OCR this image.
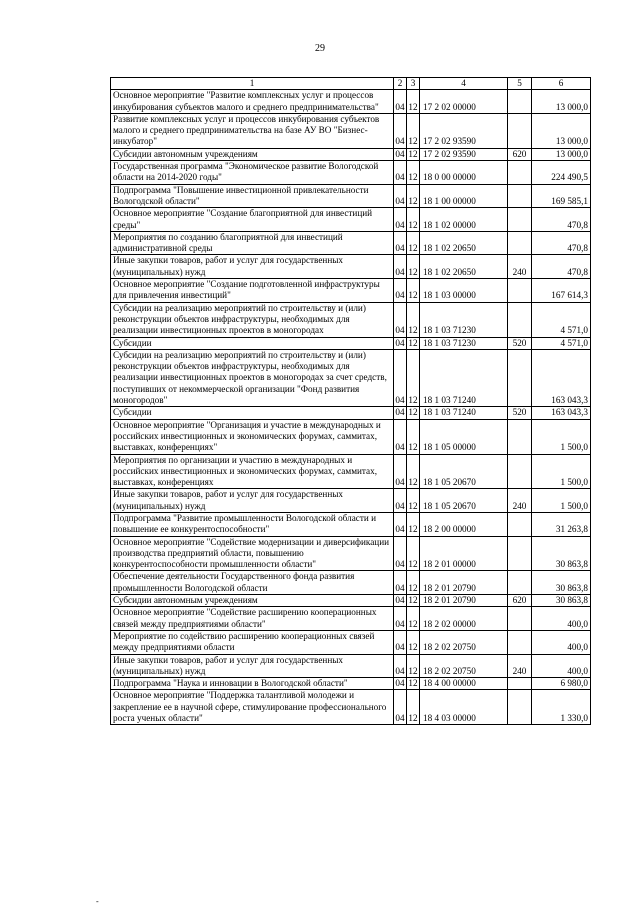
29
1	2	3	4	5	6
Основное мероприятие "Развитие комплексных услуг и процессов инкубирования субъектов малого и среднего предпринимательства"	04	12	17 2 02 00000		13 000,0
Развитие комплексных услуг и процессов инкубирования субъектов малого и среднего предпринимательства на базе АУ ВО "Бизнес-инкубатор"	04	12	17 2 02 93590		13 000,0
Субсидии автономным учреждениям	04	12	17 2 02 93590	620	13 000,0
Государственная программа "Экономическое развитие Вологодской области на 2014-2020 годы"	04	12	18 0 00 00000		224 490,5
Подпрограмма "Повышение инвестиционной привлекательности Вологодской области"	04	12	18 1 00 00000		169 585,1
Основное мероприятие "Создание благоприятной для инвестиций среды"	04	12	18 1 02 00000		470,8
Мероприятия по созданию благоприятной для инвестиций административной среды	04	12	18 1 02 20650		470,8
Иные закупки товаров, работ и услуг для государственных (муниципальных) нужд	04	12	18 1 02 20650	240	470,8
Основное мероприятие "Создание подготовленной инфраструктуры для привлечения инвестиций"	04	12	18 1 03 00000		167 614,3
Субсидии на реализацию мероприятий по строительству и (или) реконструкции объектов инфраструктуры, необходимых для реализации инвестиционных проектов в моногородах	04	12	18 1 03 71230		4 571,0
Субсидии	04	12	18 1 03 71230	520	4 571,0
Субсидии на реализацию мероприятий по строительству и (или) реконструкции объектов инфраструктуры, необходимых для реализации инвестиционных проектов в моногородах за счет средств, поступивших от некоммерческой организации "Фонд развития моногородов"	04	12	18 1 03 71240		163 043,3
Субсидии	04	12	18 1 03 71240	520	163 043,3
Основное мероприятие "Организация и участие в международных и российских инвестиционных и экономических форумах, саммитах, выставках, конференциях"	04	12	18 1 05 00000		1 500,0
Мероприятия по организации и участию в международных и российских инвестиционных и экономических форумах, саммитах, выставках, конференциях	04	12	18 1 05 20670		1 500,0
Иные закупки товаров, работ и услуг для государственных (муниципальных) нужд	04	12	18 1 05 20670	240	1 500,0
Подпрограмма "Развитие промышленности Вологодской области и повышение ее конкурентоспособности"	04	12	18 2 00 00000		31 263,8
Основное мероприятие "Содействие модернизации и диверсификации производства предприятий области, повышению конкурентоспособности промышленности области"	04	12	18 2 01 00000		30 863,8
Обеспечение деятельности Государственного фонда развития промышленности Вологодской области	04	12	18 2 01 20790		30 863,8
Субсидии автономным учреждениям	04	12	18 2 01 20790	620	30 863,8
Основное мероприятие "Содействие расширению кооперационных связей между предприятиями области"	04	12	18 2 02 00000		400,0
Мероприятие по содействию расширению кооперационных связей между предприятиями области	04	12	18 2 02 20750		400,0
Иные закупки товаров, работ и услуг для государственных (муниципальных) нужд	04	12	18 2 02 20750	240	400,0
Подпрограмма "Наука и инновации в Вологодской области"	04	12	18 4 00 00000		6 980,0
Основное мероприятие "Поддержка талантливой молодежи и закрепление ее в научной сфере, стимулирование профессионального роста ученых области"	04	12	18 4 03 00000		1 330,0
-
